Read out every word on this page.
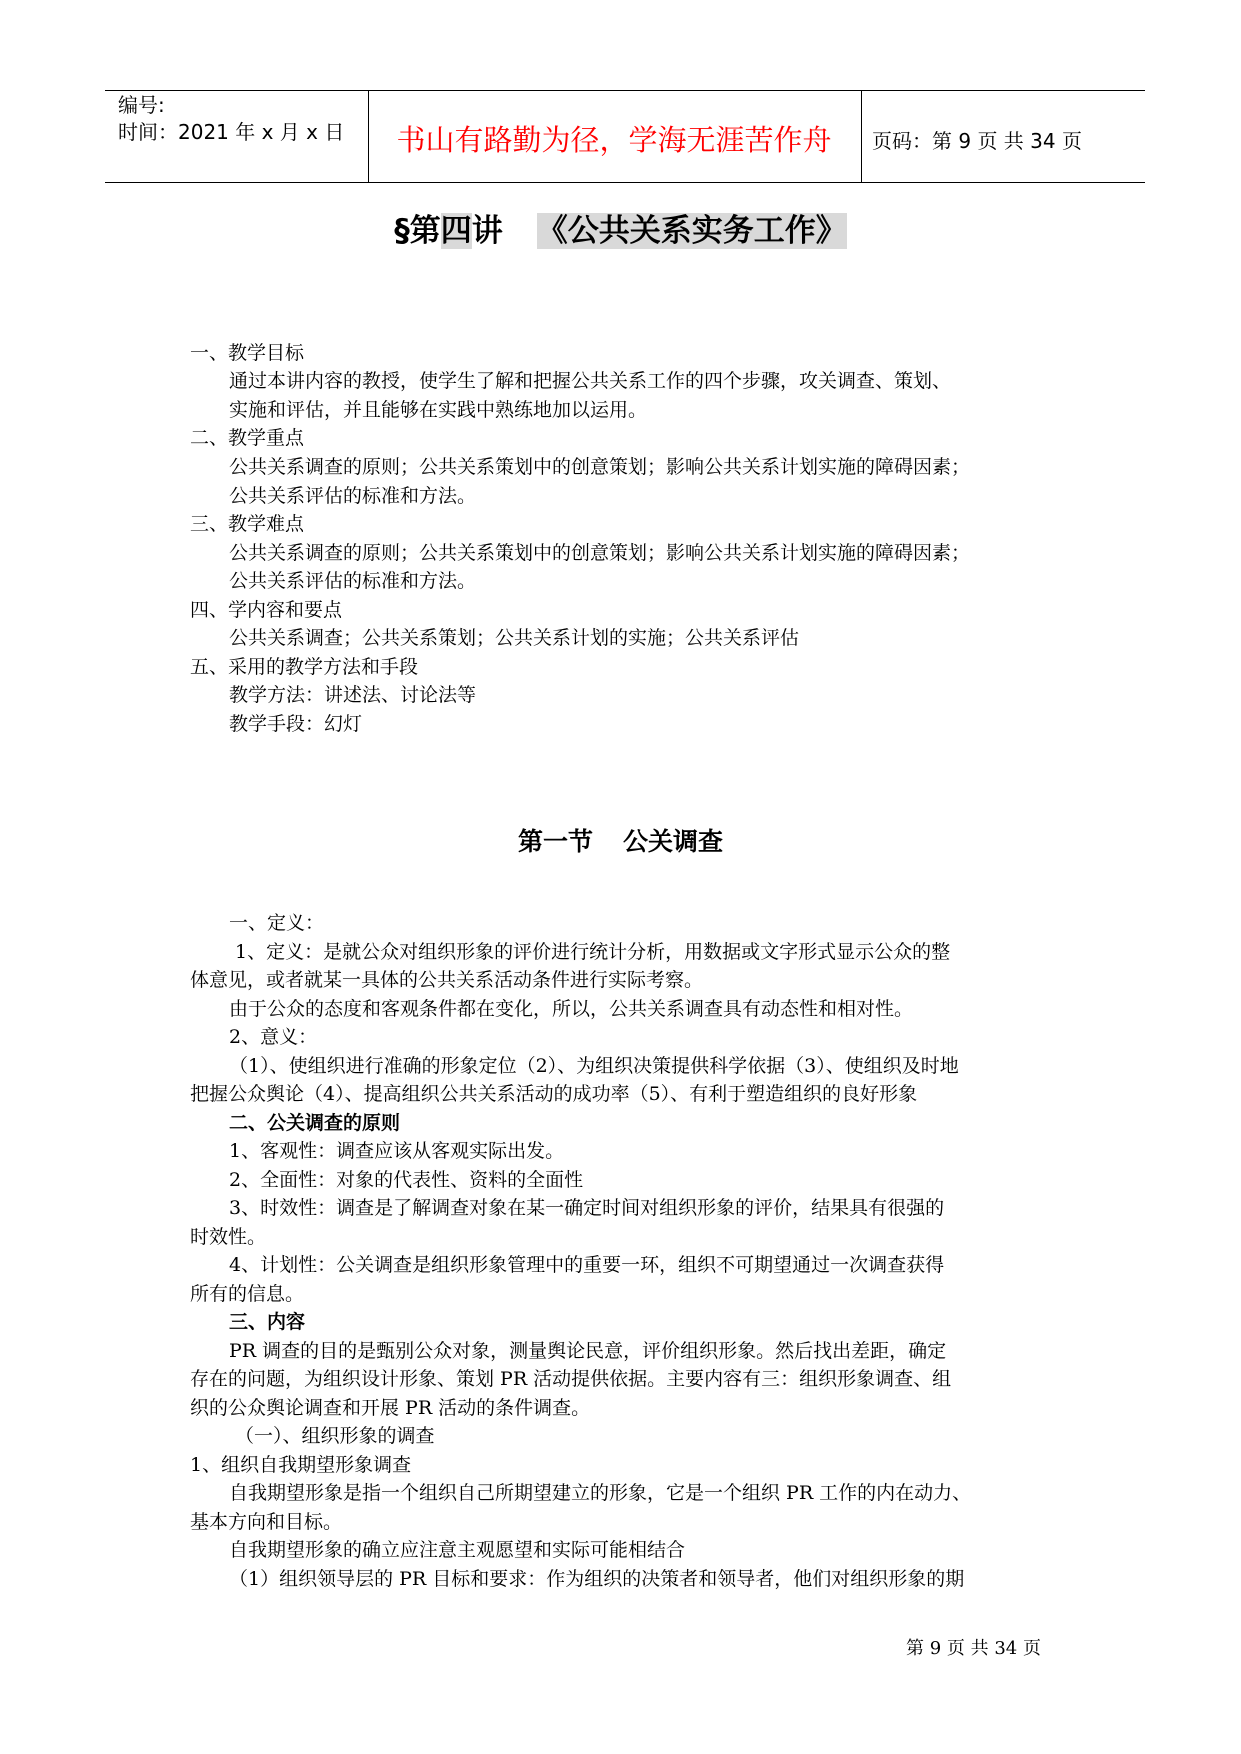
编号:
时间：2021 年 x 月 x 日	书山有路勤为径，学海无涯苦作舟	页码：第 9 页 共 34 页
§第四讲 《公共关系实务工作》
一、教学目标
通过本讲内容的教授，使学生了解和把握公共关系工作的四个步骤，攻关调查、策划、
实施和评估，并且能够在实践中熟练地加以运用。
二、教学重点
公共关系调查的原则；公共关系策划中的创意策划；影响公共关系计划实施的障碍因素；
公共关系评估的标准和方法。
三、教学难点
公共关系调查的原则；公共关系策划中的创意策划；影响公共关系计划实施的障碍因素；
公共关系评估的标准和方法。
四、学内容和要点
公共关系调查；公共关系策划；公共关系计划的实施；公共关系评估
五、采用的教学方法和手段
教学方法：讲述法、讨论法等
教学手段：幻灯
第一节 公关调查
一、定义：
1、定义：是就公众对组织形象的评价进行统计分析，用数据或文字形式显示公众的整
体意见，或者就某一具体的公共关系活动条件进行实际考察。
由于公众的态度和客观条件都在变化，所以，公共关系调查具有动态性和相对性。
2、意义：
（1）、使组织进行准确的形象定位（2）、为组织决策提供科学依据（3）、使组织及时地
把握公众舆论（4）、提高组织公共关系活动的成功率（5）、有利于塑造组织的良好形象
二、公关调查的原则
1、客观性：调查应该从客观实际出发。
2、全面性：对象的代表性、资料的全面性
3、时效性：调查是了解调查对象在某一确定时间对组织形象的评价，结果具有很强的
时效性。
4、计划性：公关调查是组织形象管理中的重要一环，组织不可期望通过一次调查获得
所有的信息。
三、内容
PR 调查的目的是甄别公众对象，测量舆论民意，评价组织形象。然后找出差距，确定
存在的问题，为组织设计形象、策划 PR 活动提供依据。主要内容有三：组织形象调查、组
织的公众舆论调查和开展 PR 活动的条件调查。
（一）、组织形象的调查
1、组织自我期望形象调查
自我期望形象是指一个组织自己所期望建立的形象，它是一个组织 PR 工作的内在动力、
基本方向和目标。
自我期望形象的确立应注意主观愿望和实际可能相结合
（1）组织领导层的 PR 目标和要求：作为组织的决策者和领导者，他们对组织形象的期
第 9 页 共 34 页
